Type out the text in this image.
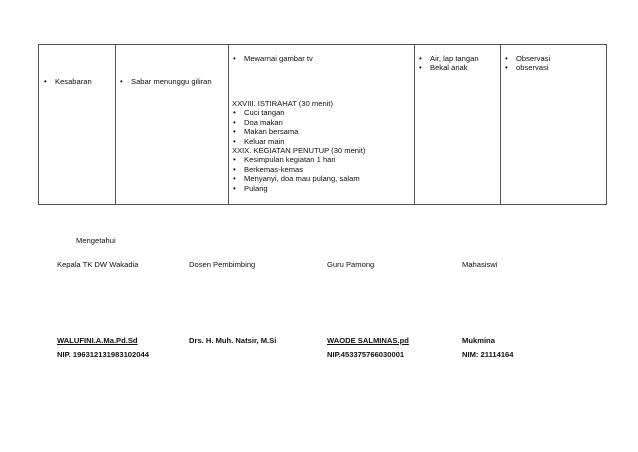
• Kesabaran
•	Sabar menunggu giliran
• Mewarnai gambar tv
XXVIII. ISTIRAHAT (30 menit)
• Cuci tangan
• Doa makan
• Makan bersama
• Keluar main
XXIX. KEGIATAN PENUTUP (30 menit)
• Kesimpulan kegiatan 1 hari
• Berkemas-kemas
• Menyanyi, doa mau pulang, salam
• Pulang
• Air, lap tangan
• Bekal anak
• Observasi
• observasi
Mengetahui
Kepala TK DW Wakadia	Dosen Pembimbing	Guru Pamong	Mahasiswi
WALUFINI.A.Ma.Pd.Sd	Drs. H. Muh. Natsir, M.Si	WAODE SALMINAS.pd	Mukmina
NIP. 196312131983102044	NIP.453375766030001	NIM: 21114164
